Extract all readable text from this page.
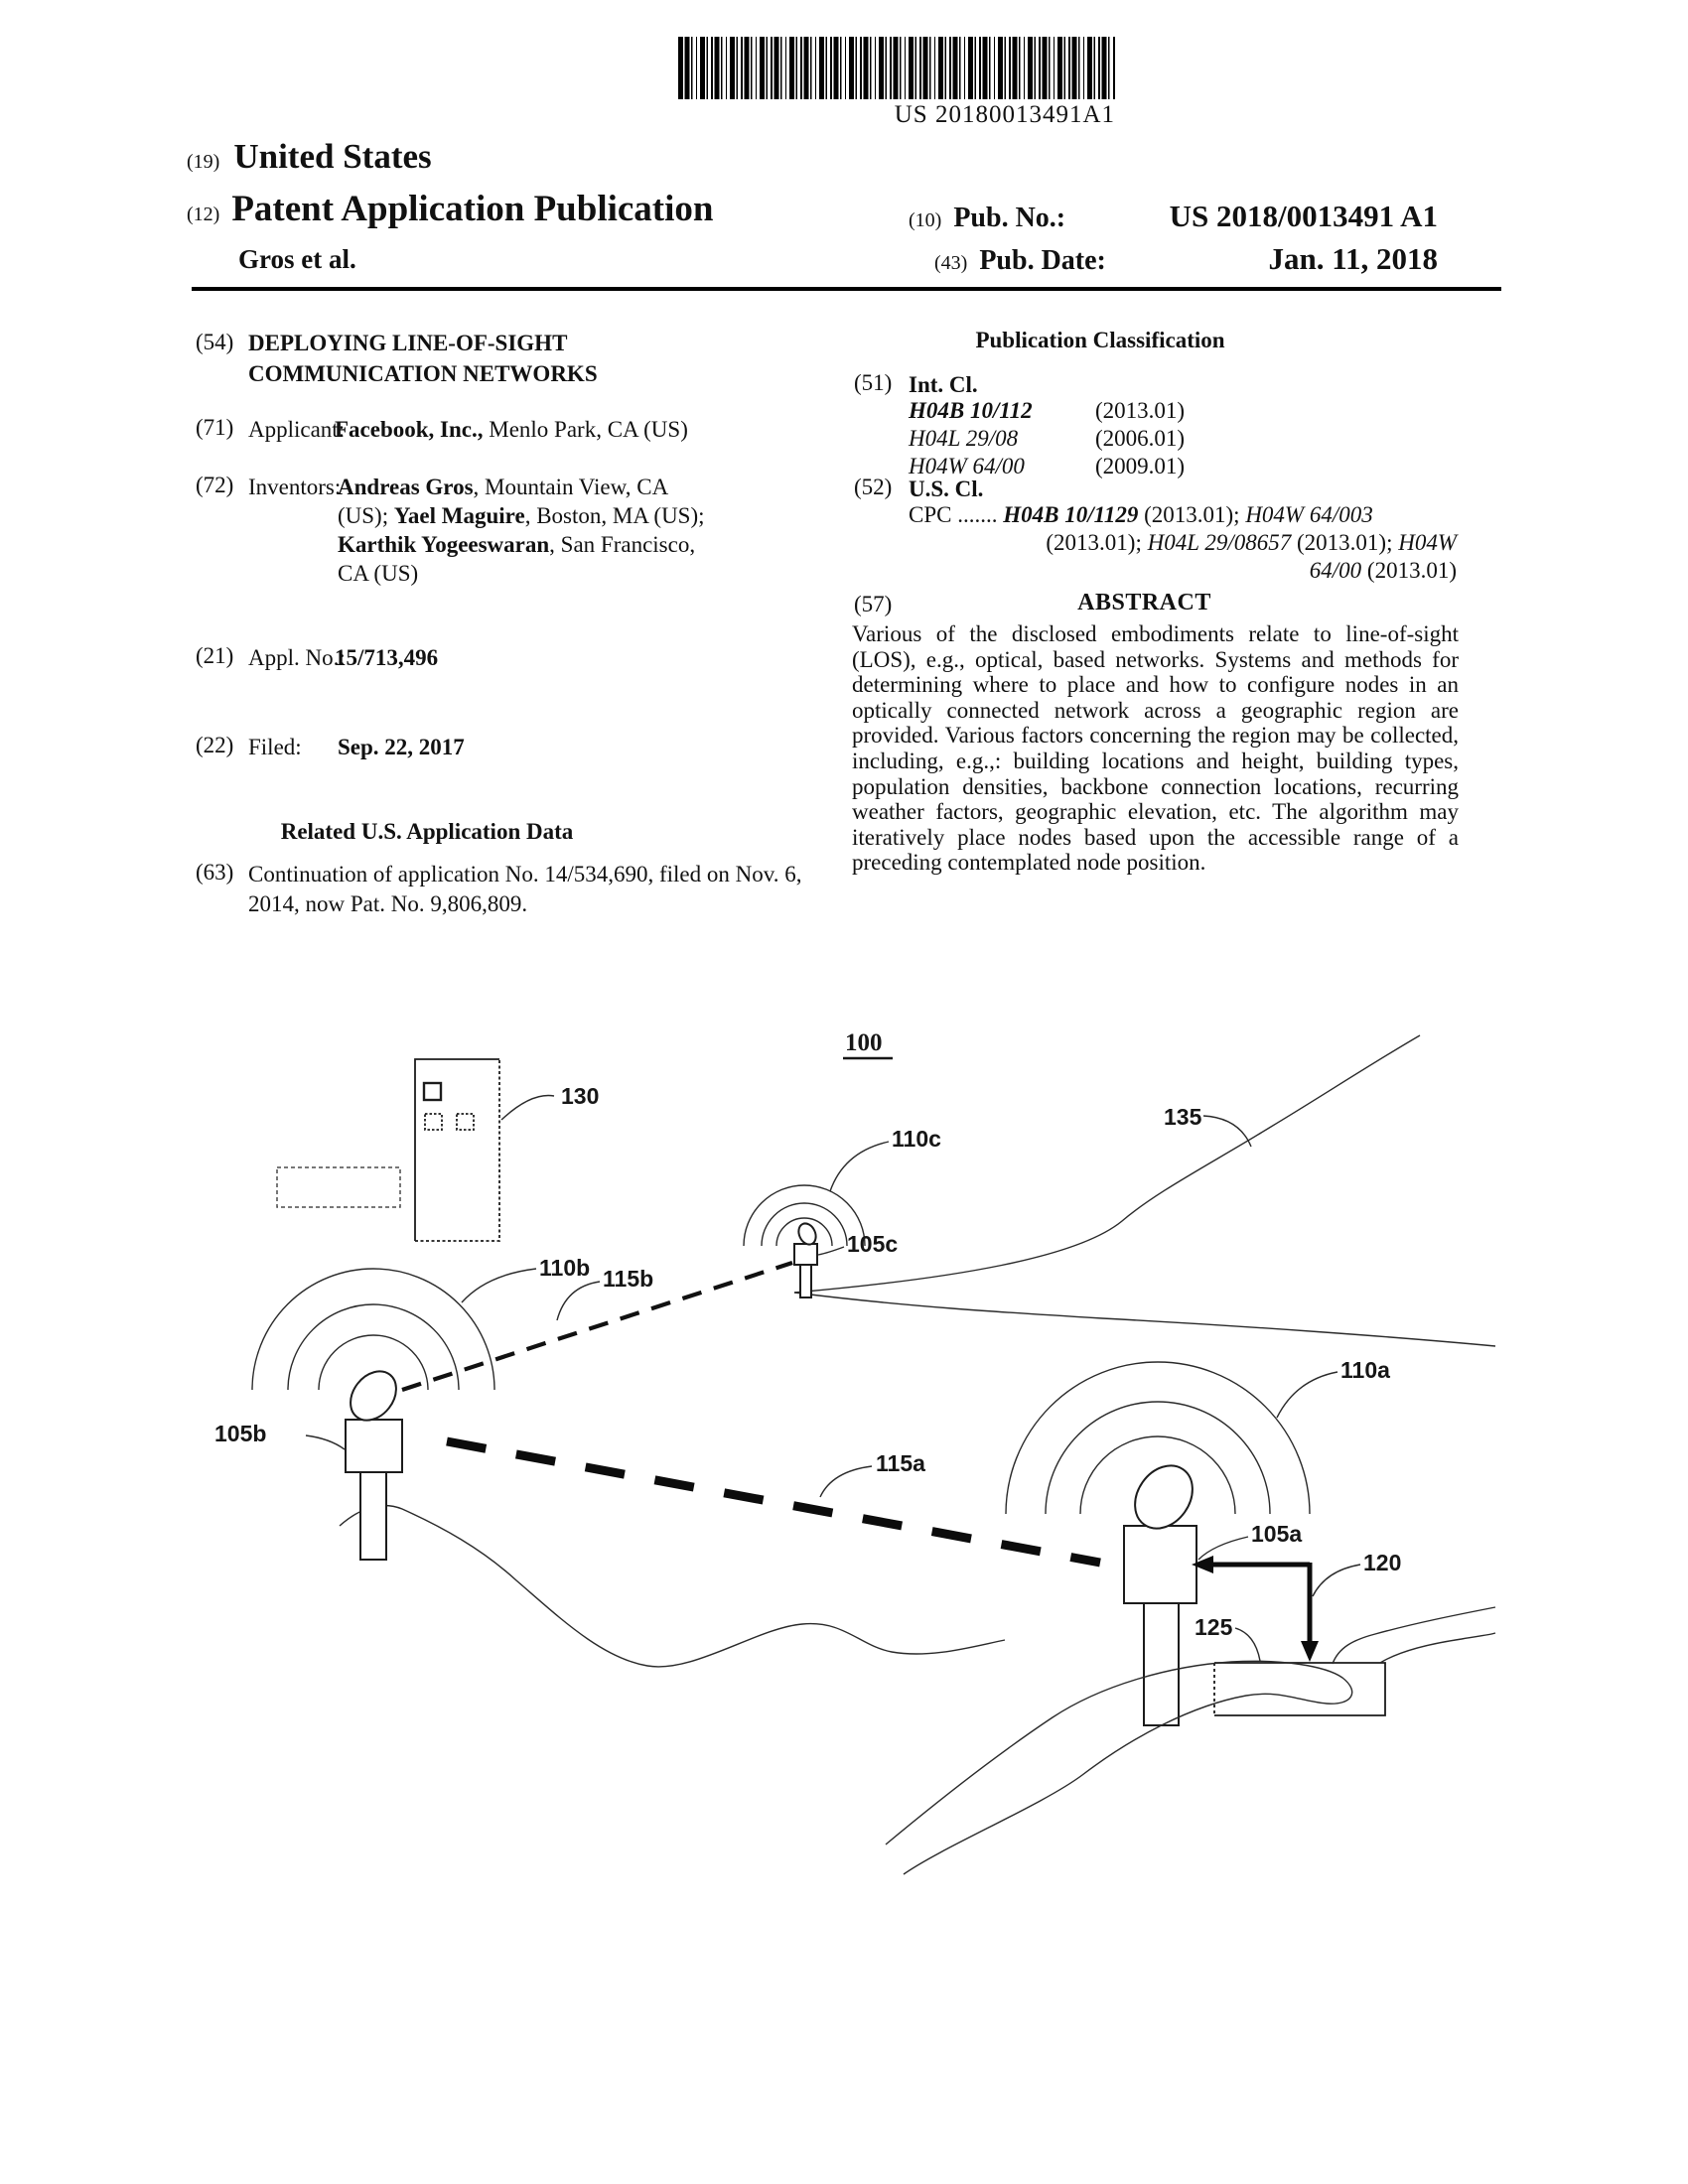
US 20180013491A1
(19) United States
(12) Patent Application Publication
Gros et al.
(10) Pub. No.:	US 2018/0013491 A1
(43) Pub. Date:	Jan. 11, 2018
(54) DEPLOYING LINE-OF-SIGHT
COMMUNICATION NETWORKS
(71) Applicant:
Facebook, Inc., Menlo Park, CA (US)
(72) Inventors:
Andreas Gros, Mountain View, CA
(US); Yael Maguire, Boston, MA (US);
Karthik Yogeeswaran, San Francisco,
CA (US)
(21) Appl. No.:
15/713,496
(22) Filed: Sep. 22, 2017
Related U.S. Application Data
(63) Continuation of application No. 14/534,690, filed on Nov. 6, 2014, now Pat. No. 9,806,809.
Publication Classification
(51) Int. Cl.
H04B 10/112	(2013.01)
H04L 29/08	(2006.01)
H04W 64/00	(2009.01)
(52) U.S. Cl.
CPC ....... H04B 10/1129 (2013.01); H04W 64/003
(2013.01); H04L 29/08657 (2013.01); H04W
64/00 (2013.01)
(57)	ABSTRACT
Various of the disclosed embodiments relate to line-of-sight (LOS), e.g., optical, based networks. Systems and methods for determining where to place and how to configure nodes in an optically connected network across a geographic region are provided. Various factors concerning the region may be collected, including, e.g.,: building locations and height, building types, population densities, backbone connection locations, recurring weather factors, geographic elevation, etc. The algorithm may iteratively place nodes based upon the accessible range of a preceding contemplated node position.
100
135
130
110b
110c
110a
115b
115a
105b
105c
105a
125
120
